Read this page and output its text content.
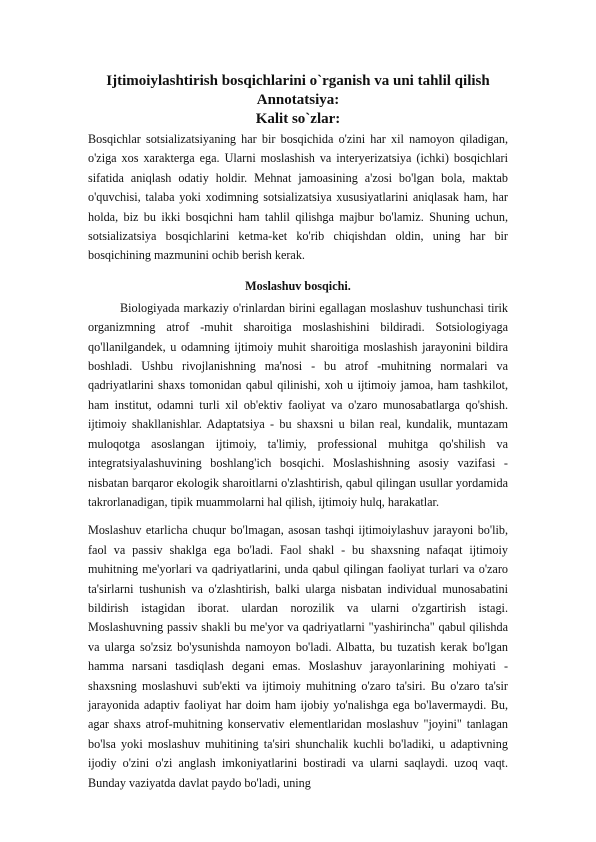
Ijtimoiylashtirish bosqichlarini o`rganish va uni tahlil qilish
Annotatsiya:
Kalit so`zlar:

Bosqichlar sotsializatsiyaning har bir bosqichida o'zini har xil namoyon qiladigan, o'ziga xos xarakterga ega. Ularni moslashish va interyerizatsiya (ichki) bosqichlari sifatida aniqlash odatiy holdir. Mehnat jamoasining a'zosi bo'lgan bola, maktab o'quvchisi, talaba yoki xodimning sotsializatsiya xususiyatlarini aniqlasak ham, har holda, biz bu ikki bosqichni ham tahlil qilishga majbur bo'lamiz. Shuning uchun, sotsializatsiya bosqichlarini ketma-ket ko'rib chiqishdan oldin, uning har bir bosqichining mazmunini ochib berish kerak.

Moslashuv bosqichi.

Biologiyada markaziy o'rinlardan birini egallagan moslashuv tushunchasi tirik organizmning atrof -muhit sharoitiga moslashishini bildiradi. Sotsiologiyaga qo'llanilgandek, u odamning ijtimoiy muhit sharoitiga moslashish jarayonini bildira boshladi. Ushbu rivojlanishning ma'nosi - bu atrof -muhitning normalari va qadriyatlarini shaxs tomonidan qabul qilinishi, xoh u ijtimoiy jamoa, ham tashkilot, ham institut, odamni turli xil ob'ektiv faoliyat va o'zaro munosabatlarga qo'shish. ijtimoiy shakllanishlar. Adaptatsiya - bu shaxsni u bilan real, kundalik, muntazam muloqotga asoslangan ijtimoiy, ta'limiy, professional muhitga qo'shilish va integratsiyalashuvining boshlang'ich bosqichi. Moslashishning asosiy vazifasi - nisbatan barqaror ekologik sharoitlarni o'zlashtirish, qabul qilingan usullar yordamida takrorlanadigan, tipik muammolarni hal qilish, ijtimoiy hulq, harakatlar.

Moslashuv etarlicha chuqur bo'lmagan, asosan tashqi ijtimoiylashuv jarayoni bo'lib, faol va passiv shaklga ega bo'ladi. Faol shakl - bu shaxsning nafaqat ijtimoiy muhitning me'yorlari va qadriyatlarini, unda qabul qilingan faoliyat turlari va o'zaro ta'sirlarni tushunish va o'zlashtirish, balki ularga nisbatan individual munosabatini bildirish istagidan iborat. ulardan norozilik va ularni o'zgartirish istagi. Moslashuvning passiv shakli bu me'yor va qadriyatlarni "yashirincha" qabul qilishda va ularga so'zsiz bo'ysunishda namoyon bo'ladi. Albatta, bu tuzatish kerak bo'lgan hamma narsani tasdiqlash degani emas. Moslashuv jarayonlarining mohiyati - shaxsning moslashuvi sub'ekti va ijtimoiy muhitning o'zaro ta'siri. Bu o'zaro ta'sir jarayonida adaptiv faoliyat har doim ham ijobiy yo'nalishga ega bo'lavermaydi. Bu, agar shaxs atrof-muhitning konservativ elementlaridan moslashuv "joyini" tanlagan bo'lsa yoki moslashuv muhitining ta'siri shunchalik kuchli bo'ladiki, u adaptivning ijodiy o'zini o'zi anglash imkoniyatlarini bostiradi va ularni saqlaydi. uzoq vaqt. Bunday vaziyatda davlat paydo bo'ladi, uning
